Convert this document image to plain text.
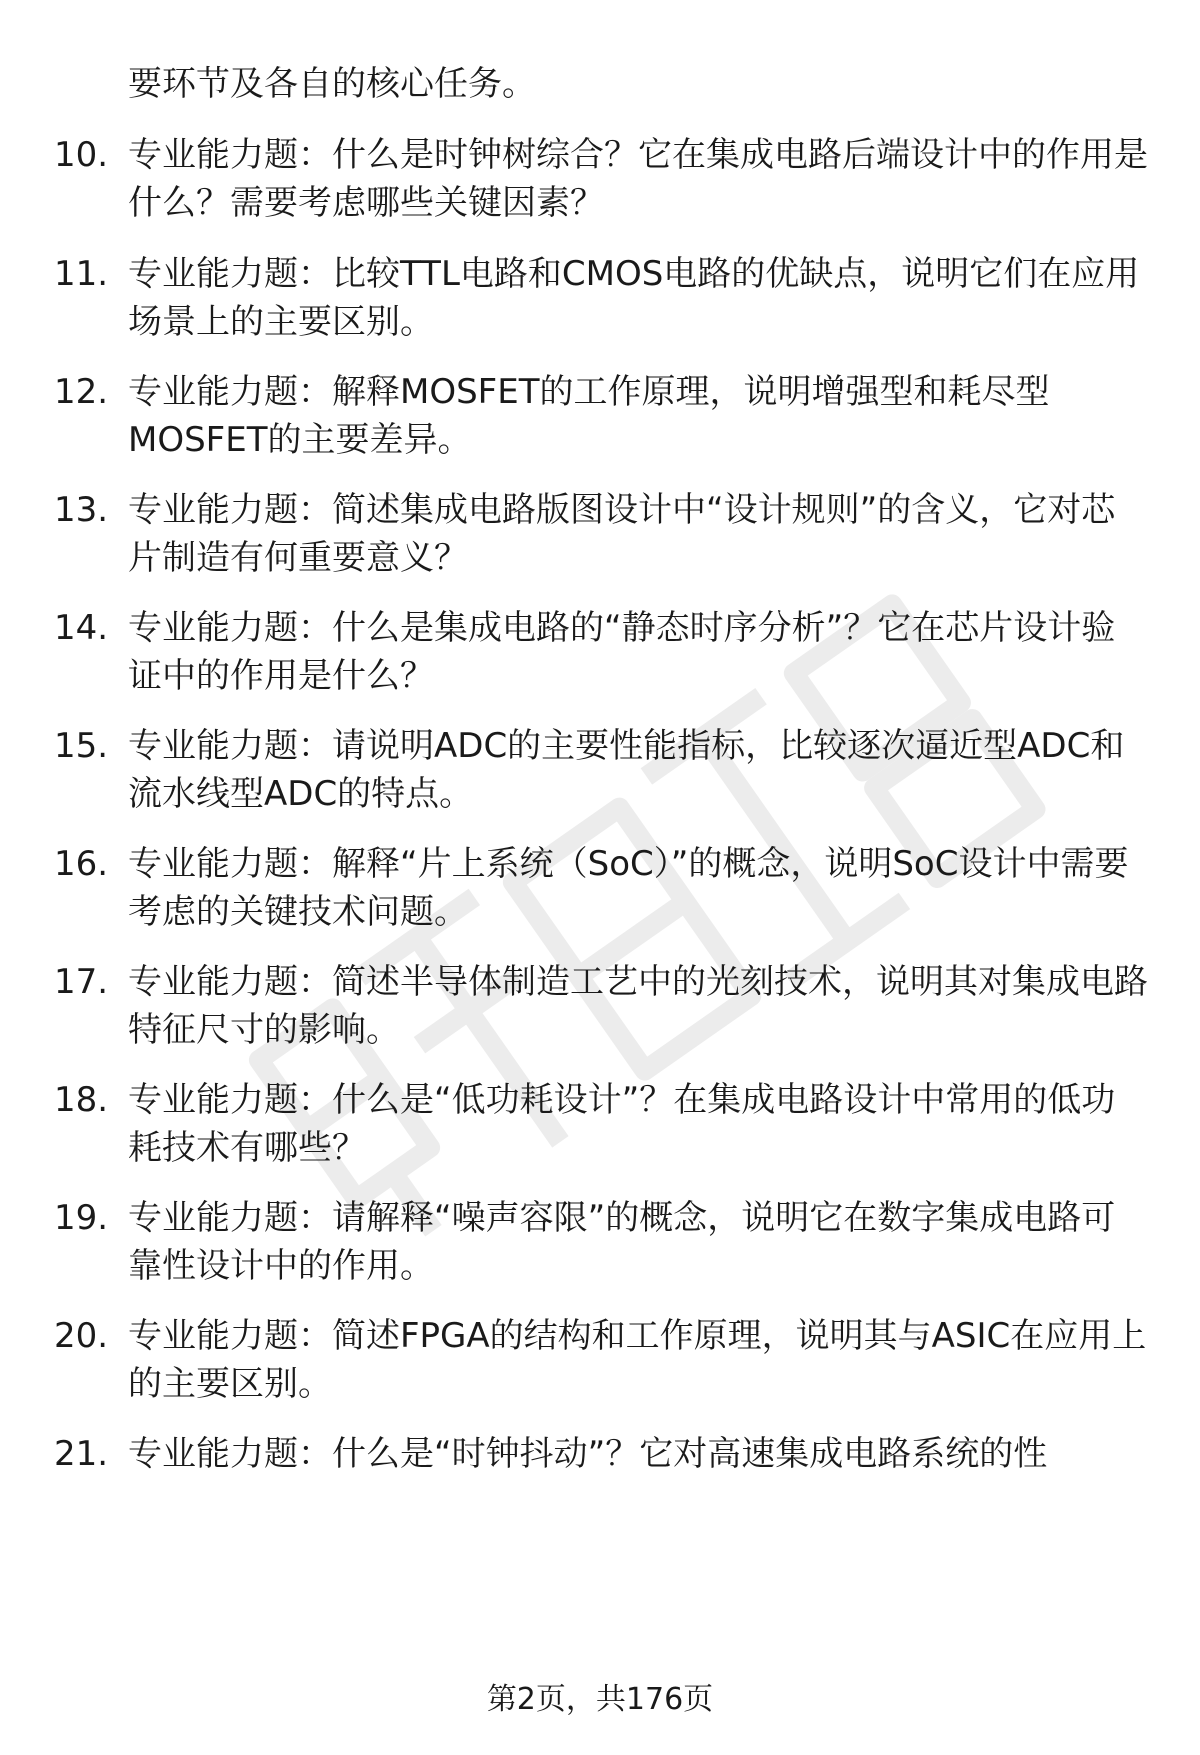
要环节及各自的核心任务。
10. 专业能力题：什么是时钟树综合？它在集成电路后端设计中的作用是什么？需要考虑哪些关键因素？
11. 专业能力题：比较TTL电路和CMOS电路的优缺点，说明它们在应用场景上的主要区别。
12. 专业能力题：解释MOSFET的工作原理，说明增强型和耗尽型MOSFET的主要差异。
13. 专业能力题：简述集成电路版图设计中“设计规则”的含义，它对芯片制造有何重要意义？
14. 专业能力题：什么是集成电路的“静态时序分析”？它在芯片设计验证中的作用是什么？
15. 专业能力题：请说明ADC的主要性能指标，比较逐次逼近型ADC和流水线型ADC的特点。
16. 专业能力题：解释“片上系统（SoC）”的概念，说明SoC设计中需要考虑的关键技术问题。
17. 专业能力题：简述半导体制造工艺中的光刻技术，说明其对集成电路特征尺寸的影响。
18. 专业能力题：什么是“低功耗设计”？在集成电路设计中常用的低功耗技术有哪些？
19. 专业能力题：请解释“噪声容限”的概念，说明它在数字集成电路可靠性设计中的作用。
20. 专业能力题：简述FPGA的结构和工作原理，说明其与ASIC在应用上的主要区别。
21. 专业能力题：什么是“时钟抖动”？它对高速集成电路系统的性
第2页，共176页
